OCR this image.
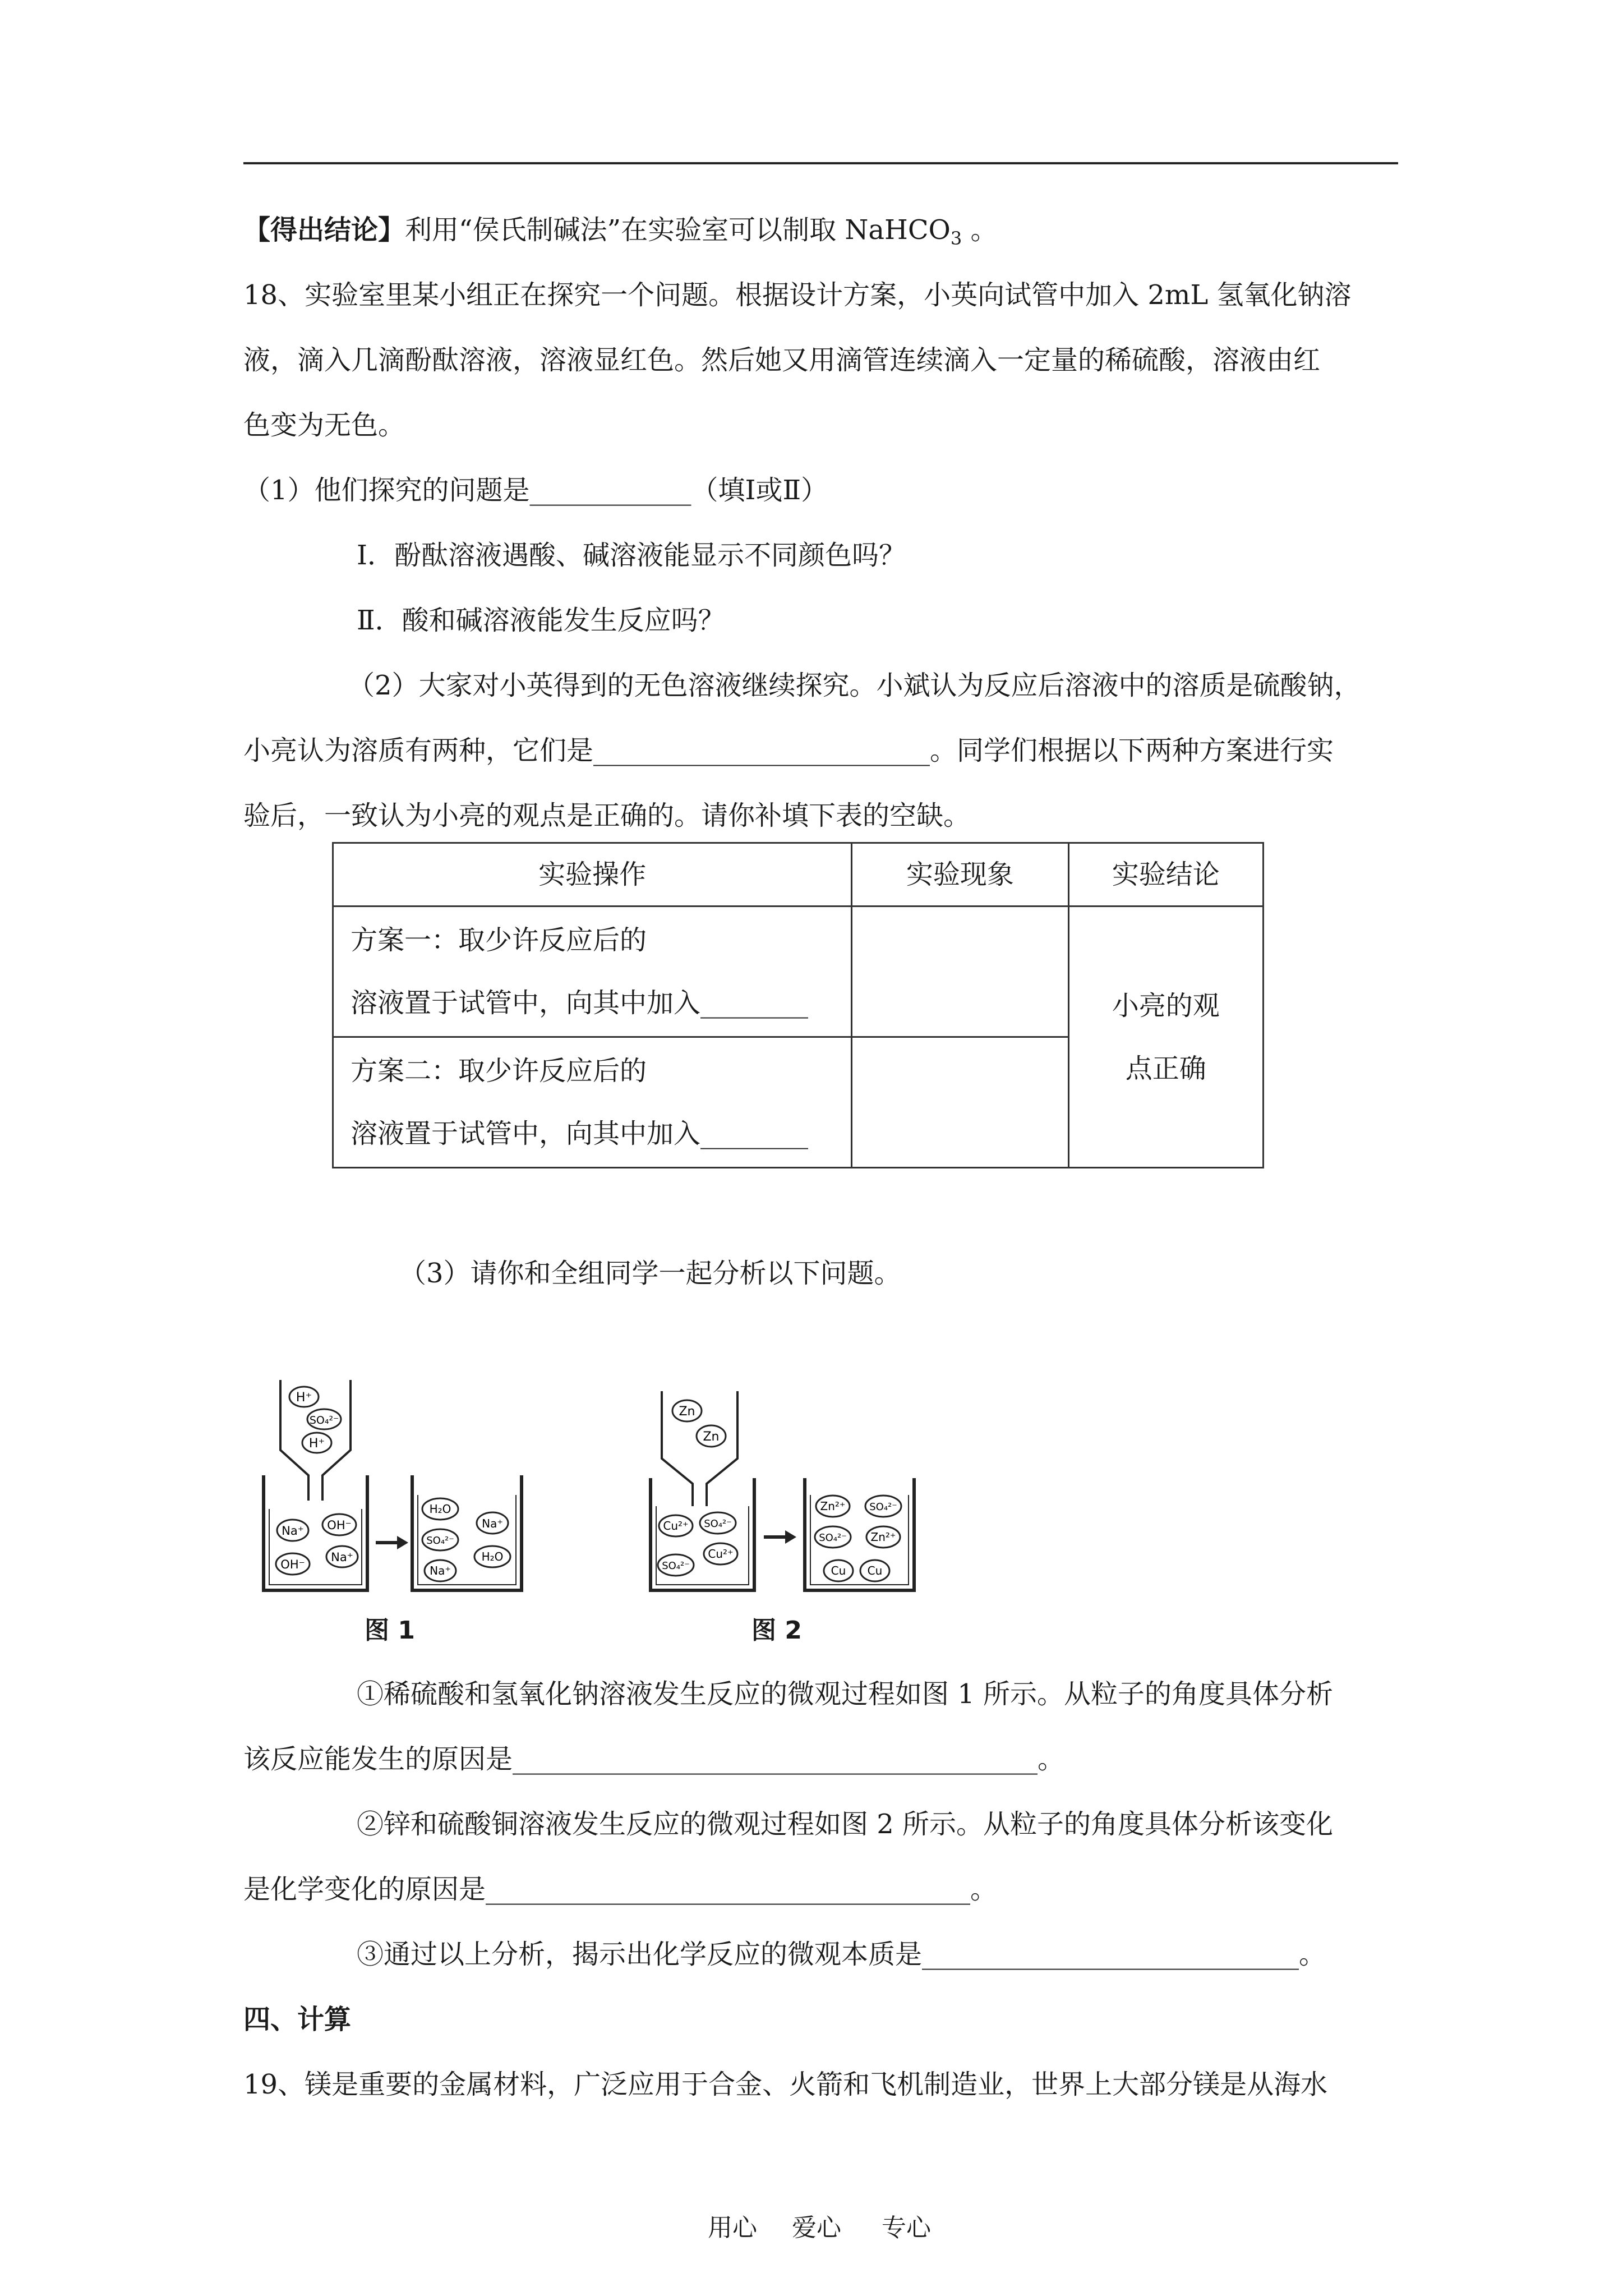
【得出结论】利用“侯氏制碱法”在实验室可以制取 NaHCO$_3$ 。
18、实验室里某小组正在探究一个问题。根据设计方案，小英向试管中加入 2mL 氢氧化钠溶
液，滴入几滴酚酞溶液，溶液显红色。然后她又用滴管连续滴入一定量的稀硫酸，溶液由红
色变为无色。
（1）他们探究的问题是____________（填Ⅰ或Ⅱ）
Ⅰ．酚酞溶液遇酸、碱溶液能显示不同颜色吗？
Ⅱ．酸和碱溶液能发生反应吗？
（2）大家对小英得到的无色溶液继续探究。小斌认为反应后溶液中的溶质是硫酸钠，
小亮认为溶质有两种，它们是_________________________。同学们根据以下两种方案进行实
验后，一致认为小亮的观点是正确的。请你补填下表的空缺。
实验操作	实验现象	实验结论

方案一：取少许反应后的
溶液置于试管中，向其中加入________		小亮的观
点正确

方案二：取少许反应后的
溶液置于试管中，向其中加入________		

（3）请你和全组同学一起分析以下问题。
H⁺
SO₄²⁻
H⁺
Na⁺ OH⁻
OH⁻
Na⁺
H₂O
Na⁺
SO₄²⁻
Na⁺
H₂O
图 1
Zn
Zn
Cu²⁺ SO₄²⁻
SO₄²⁻
Cu²⁺
Zn²⁺ SO₄²⁻
SO₄²⁻ Zn²⁺
Cu Cu
图 2
①稀硫酸和氢氧化钠溶液发生反应的微观过程如图 1 所示。从粒子的角度具体分析
该反应能发生的原因是_______________________________________。
②锌和硫酸铜溶液发生反应的微观过程如图 2 所示。从粒子的角度具体分析该变化
是化学变化的原因是____________________________________。
③通过以上分析，揭示出化学反应的微观本质是____________________________。
四、计算
19、镁是重要的金属材料，广泛应用于合金、火箭和飞机制造业，世界上大部分镁是从海水
用心 爱心 专心
